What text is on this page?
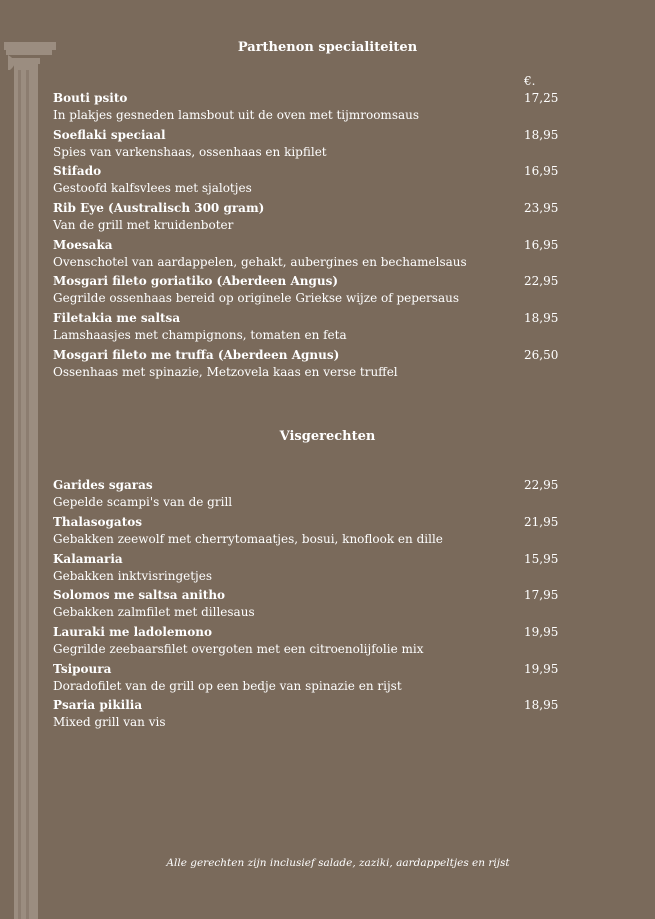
Parthenon specialiteiten
€.
Bouti psito
In plakjes gesneden lamsbout uit de oven met tijmroomsaus
17,25
Soeflaki speciaal
Spies van varkenshaas, ossenhaas en kipfilet
18,95
Stifado
Gestoofd kalfsvlees met sjalotjes
16,95
Rib Eye (Australisch 300 gram)
Van de grill met kruidenboter
23,95
Moesaka
Ovenschotel van aardappelen, gehakt, aubergines en bechamelsaus
16,95
Mosgari fileto goriatiko (Aberdeen Angus)
Gegrilde ossenhaas bereid op originele Griekse wijze of pepersaus
22,95
Filetakia me saltsa
Lamshaasjes met champignons, tomaten en feta
18,95
Mosgari fileto me truffa (Aberdeen Agnus)
Ossenhaas met spinazie, Metzovela kaas en verse truffel
26,50
Visgerechten
Garides sgaras
Gepelde scampi's van de grill
22,95
Thalasogatos
Gebakken zeewolf met cherrytomaatjes, bosui, knoflook en dille
21,95
Kalamaria
Gebakken inktvisringetjes
15,95
Solomos me saltsa anitho
Gebakken zalmfilet met dillesaus
17,95
Lauraki me ladolemono
Gegrilde zeebaarsfilet overgoten met een citroenolijfolie mix
19,95
Tsipoura
Doradofilet van de grill op een bedje van spinazie en rijst
19,95
Psaria pikilia
Mixed grill van vis
18,95
Alle gerechten zijn inclusief salade, zaziki, aardappeltjes en rijst
